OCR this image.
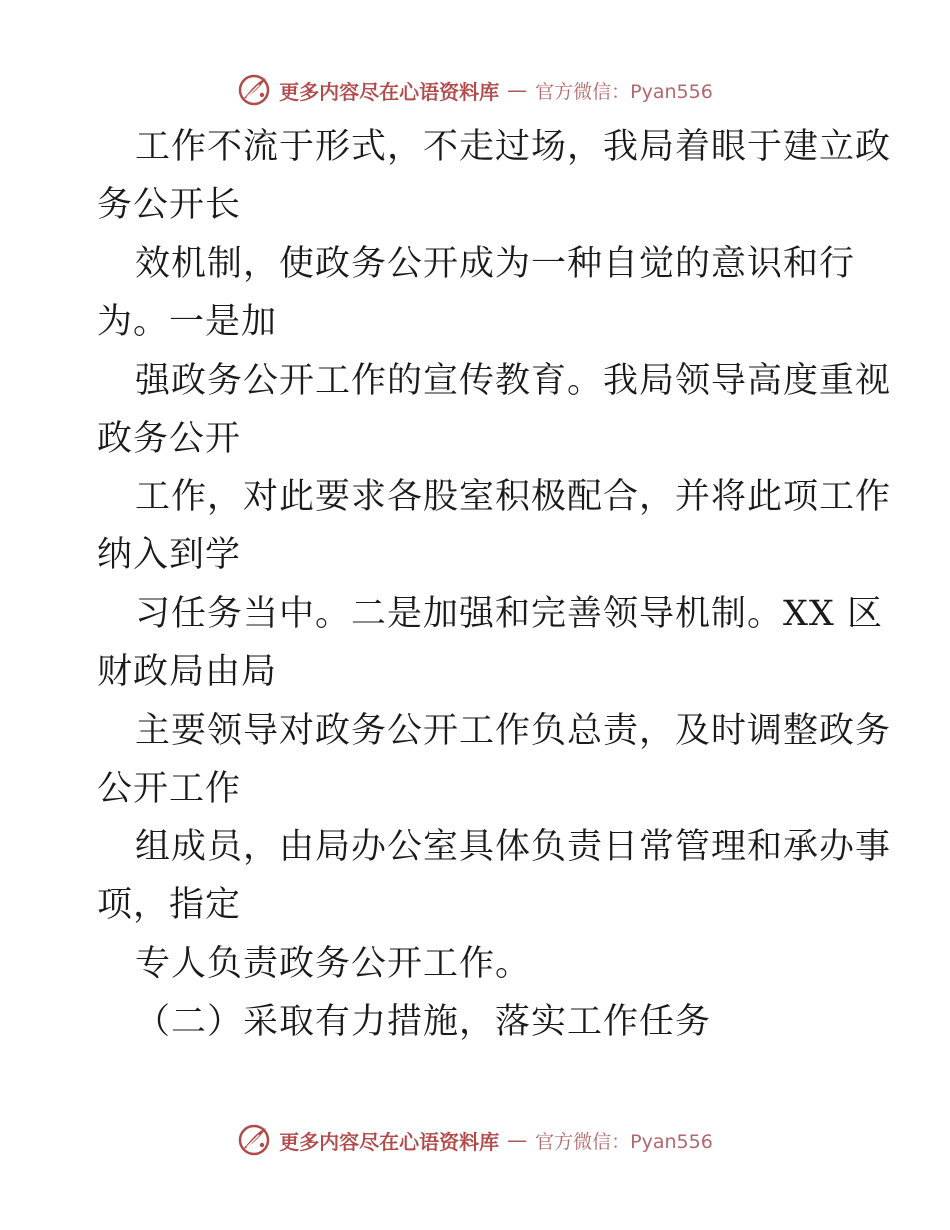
更多内容尽在心语资料库 — 官方微信：Pyan556
工作不流于形式，不走过场，我局着眼于建立政
务公开长
效机制，使政务公开成为一种自觉的意识和行
为。一是加
强政务公开工作的宣传教育。我局领导高度重视
政务公开
工作，对此要求各股室积极配合，并将此项工作
纳入到学
习任务当中。二是加强和完善领导机制。XX 区
财政局由局
主要领导对政务公开工作负总责，及时调整政务
公开工作
组成员，由局办公室具体负责日常管理和承办事
项，指定
专人负责政务公开工作。
（二）采取有力措施，落实工作任务
更多内容尽在心语资料库 — 官方微信：Pyan556
